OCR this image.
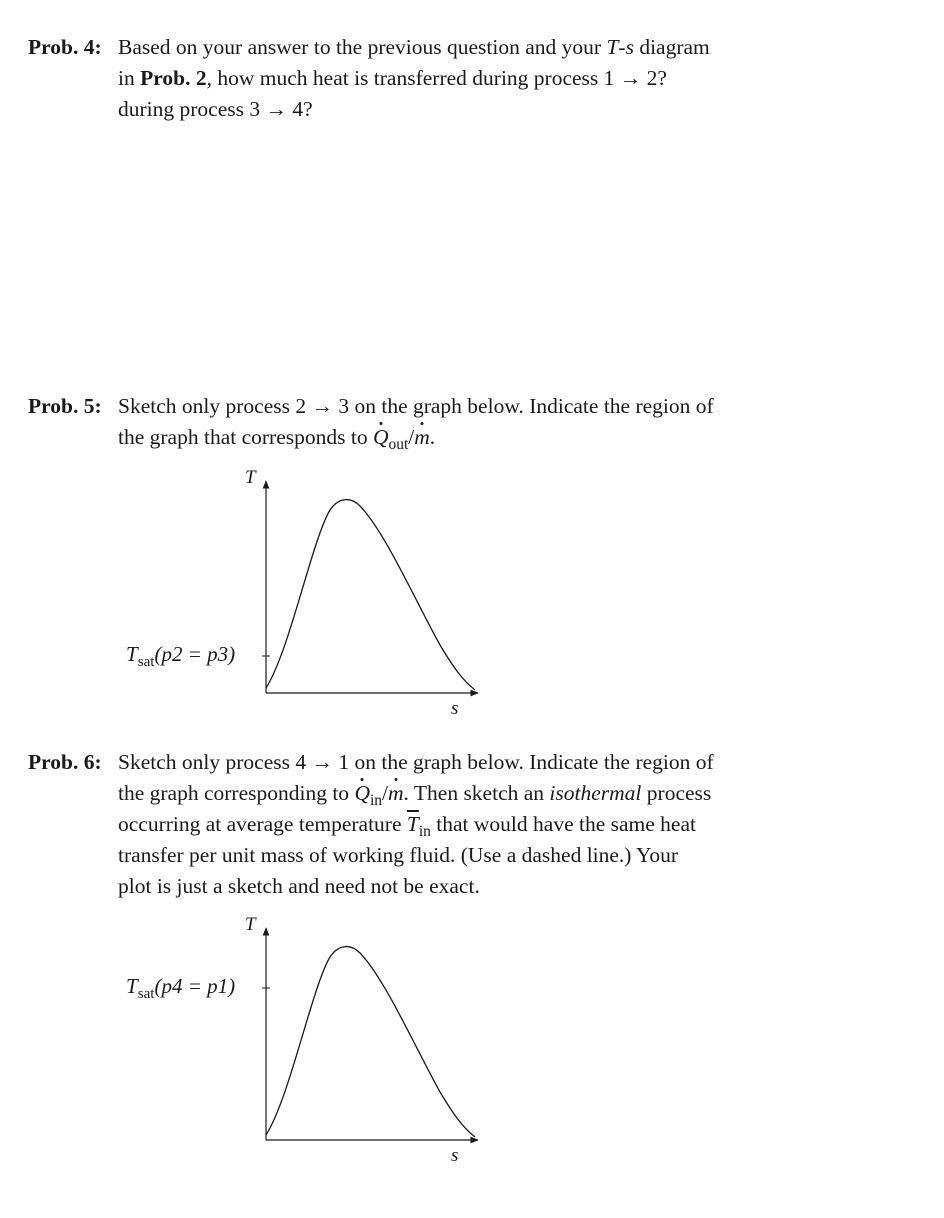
Prob. 4: Based on your answer to the previous question and your T-s diagram
in Prob. 2, how much heat is transferred during process 1 → 2?
during process 3 → 4?
Prob. 5: Sketch only process 2 → 3 on the graph below. Indicate the region of
the graph that corresponds to $Q_{out}/m$.
T
s
$T_{sat}(p2 = p3)$
Prob. 6: Sketch only process 4 → 1 on the graph below. Indicate the region of
the graph corresponding to $Q_{in}/m$. Then sketch an isothermal process
occurring at average temperature $\overline{T}_{in}$ that would have the same heat
transfer per unit mass of working fluid. (Use a dashed line.) Your
plot is just a sketch and need not be exact.
T
s
$T_{sat}(p4 = p1)$
